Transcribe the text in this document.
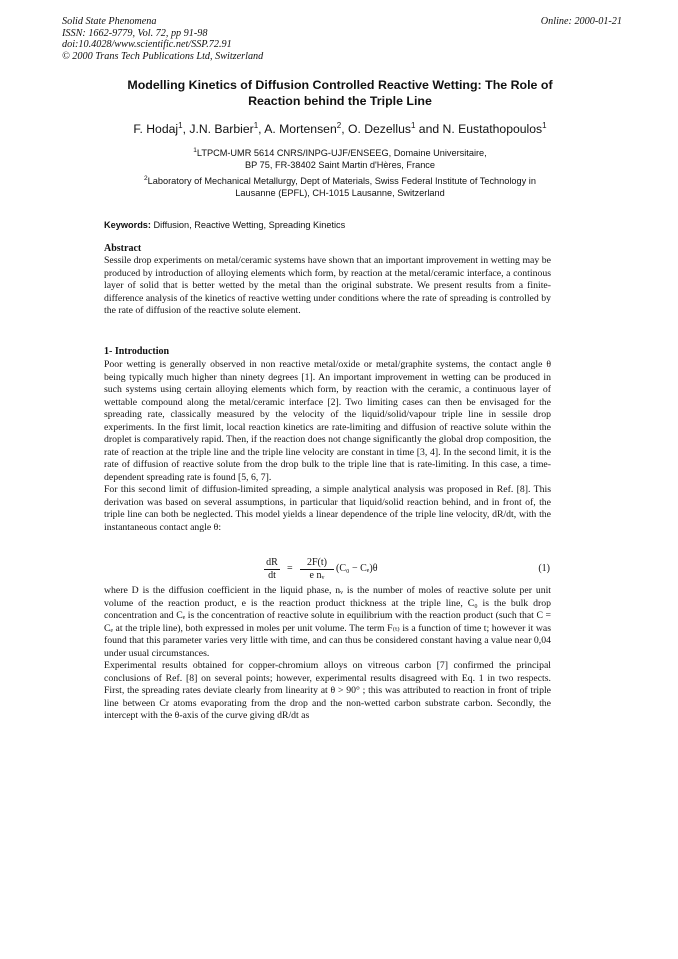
Solid State Phenomena
ISSN: 1662-9779, Vol. 72, pp 91-98
doi:10.4028/www.scientific.net/SSP.72.91
© 2000 Trans Tech Publications Ltd, Switzerland
Online: 2000-01-21
Modelling Kinetics of Diffusion Controlled Reactive Wetting: The Role of
Reaction behind the Triple Line
F. Hodaj$^1$, J.N. Barbier$^1$, A. Mortensen$^2$, O. Dezellus$^1$ and N. Eustathopoulos$^1$
$^1$LTPCM-UMR 5614 CNRS/INPG-UJF/ENSEEG, Domaine Universitaire,
BP 75, FR-38402 Saint Martin d'Hères, France
$^2$Laboratory of Mechanical Metallurgy, Dept of Materials, Swiss Federal Institute of Technology in
Lausanne (EPFL), CH-1015 Lausanne, Switzerland
Keywords: Diffusion, Reactive Wetting, Spreading Kinetics
Abstract
Sessile drop experiments on metal/ceramic systems have shown that an important improvement in wetting may be produced by introduction of alloying elements which form, by reaction at the metal/ceramic interface, a continous layer of solid that is better wetted by the metal than the original substrate. We present results from a finite-difference analysis of the kinetics of reactive wetting under conditions where the rate of spreading is controlled by the rate of diffusion of the reactive solute element.
1- Introduction
Poor wetting is generally observed in non reactive metal/oxide or metal/graphite systems, the contact angle θ being typically much higher than ninety degrees [1]. An important improvement in wetting can be produced in such systems using certain alloying elements which form, by reaction with the ceramic, a continuous layer of wettable compound along the metal/ceramic interface [2]. Two limiting cases can then be envisaged for the spreading rate, classically measured by the velocity of the liquid/solid/vapour triple line in sessile drop experiments. In the first limit, local reaction kinetics are rate-limiting and diffusion of reactive solute within the droplet is comparatively rapid. Then, if the reaction does not change significantly the global drop composition, the rate of reaction at the triple line and the triple line velocity are constant in time [3, 4]. In the second limit, it is the rate of diffusion of reactive solute from the drop bulk to the triple line that is rate-limiting. In this case, a time-dependent spreading rate is found [5, 6, 7].
For this second limit of diffusion-limited spreading, a simple analytical analysis was proposed in Ref. [8]. This derivation was based on several assumptions, in particular that liquid/solid reaction behind, and in front of, the triple line can both be neglected. This model yields a linear dependence of the triple line velocity, dR/dt, with the instantaneous contact angle θ:
$\frac{dR}{dt} = \frac{2F(t)}{\text{e nᵥ}} (C_0 - C_e)\theta$	(1)
where D is the diffusion coefficient in the liquid phase, nᵥ is the number of moles of reactive solute per unit volume of the reaction product, e is the reaction product thickness at the triple line, C₀ is the bulk drop concentration and Cₑ is the concentration of reactive solute in equilibrium with the reaction product (such that C = Cₑ at the triple line), both expressed in moles per unit volume. The term F₍ₜ₎ is a function of time t; however it was found that this parameter varies very little with time, and can thus be considered constant having a value near 0,04 under usual circumstances.
Experimental results obtained for copper-chromium alloys on vitreous carbon [7] confirmed the principal conclusions of Ref. [8] on several points; however, experimental results disagreed with Eq. 1 in two respects. First, the spreading rates deviate clearly from linearity at θ > 90° ; this was attributed to reaction in front of triple line between Cr atoms evaporating from the drop and the non-wetted carbon substrate carbon. Secondly, the intercept with the θ-axis of the curve giving dR/dt as
